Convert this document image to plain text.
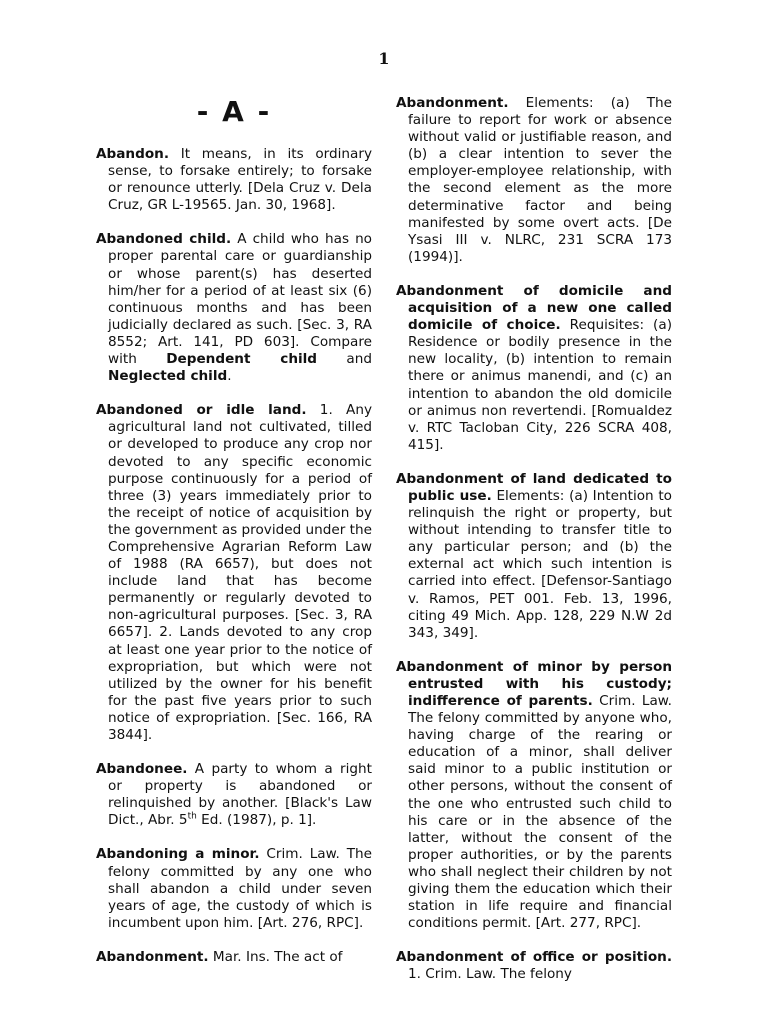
1
- A -

Abandon. It means, in its ordinary sense, to forsake entirely; to forsake or renounce utterly. [Dela Cruz v. Dela Cruz, GR L-19565. Jan. 30, 1968].

Abandoned child. A child who has no proper parental care or guardianship or whose parent(s) has deserted him/her for a period of at least six (6) continuous months and has been judicially declared as such. [Sec. 3, RA 8552; Art. 141, PD 603]. Compare with Dependent child and Neglected child.

Abandoned or idle land. 1. Any agricultural land not cultivated, tilled or developed to produce any crop nor devoted to any specific economic purpose continuously for a period of three (3) years immediately prior to the receipt of notice of acquisition by the government as provided under the Comprehensive Agrarian Reform Law of 1988 (RA 6657), but does not include land that has become permanently or regularly devoted to non-agricultural purposes. [Sec. 3, RA 6657]. 2. Lands devoted to any crop at least one year prior to the notice of expropriation, but which were not utilized by the owner for his benefit for the past five years prior to such notice of expropriation. [Sec. 166, RA 3844].

Abandonee. A party to whom a right or property is abandoned or relinquished by another. [Black's Law Dict., Abr. 5th Ed. (1987), p. 1].

Abandoning a minor. Crim. Law. The felony committed by any one who shall abandon a child under seven years of age, the custody of which is incumbent upon him. [Art. 276, RPC].

Abandonment. Mar. Ins. The act of

Abandonment. Elements: (a) The failure to report for work or absence without valid or justifiable reason, and (b) a clear intention to sever the employer-employee relationship, with the second element as the more determinative factor and being manifested by some overt acts. [De Ysasi III v. NLRC, 231 SCRA 173 (1994)].

Abandonment of domicile and acquisition of a new one called domicile of choice. Requisites: (a) Residence or bodily presence in the new locality, (b) intention to remain there or animus manendi, and (c) an intention to abandon the old domicile or animus non revertendi. [Romualdez v. RTC Tacloban City, 226 SCRA 408, 415].

Abandonment of land dedicated to public use. Elements: (a) Intention to relinquish the right or property, but without intending to transfer title to any particular person; and (b) the external act which such intention is carried into effect. [Defensor-Santiago v. Ramos, PET 001. Feb. 13, 1996, citing 49 Mich. App. 128, 229 N.W 2d 343, 349].

Abandonment of minor by person entrusted with his custody; indifference of parents. Crim. Law. The felony committed by anyone who, having charge of the rearing or education of a minor, shall deliver said minor to a public institution or other persons, without the consent of the one who entrusted such child to his care or in the absence of the latter, without the consent of the proper authorities, or by the parents who shall neglect their children by not giving them the education which their station in life require and financial conditions permit. [Art. 277, RPC].

Abandonment of office or position. 1. Crim. Law. The felony
